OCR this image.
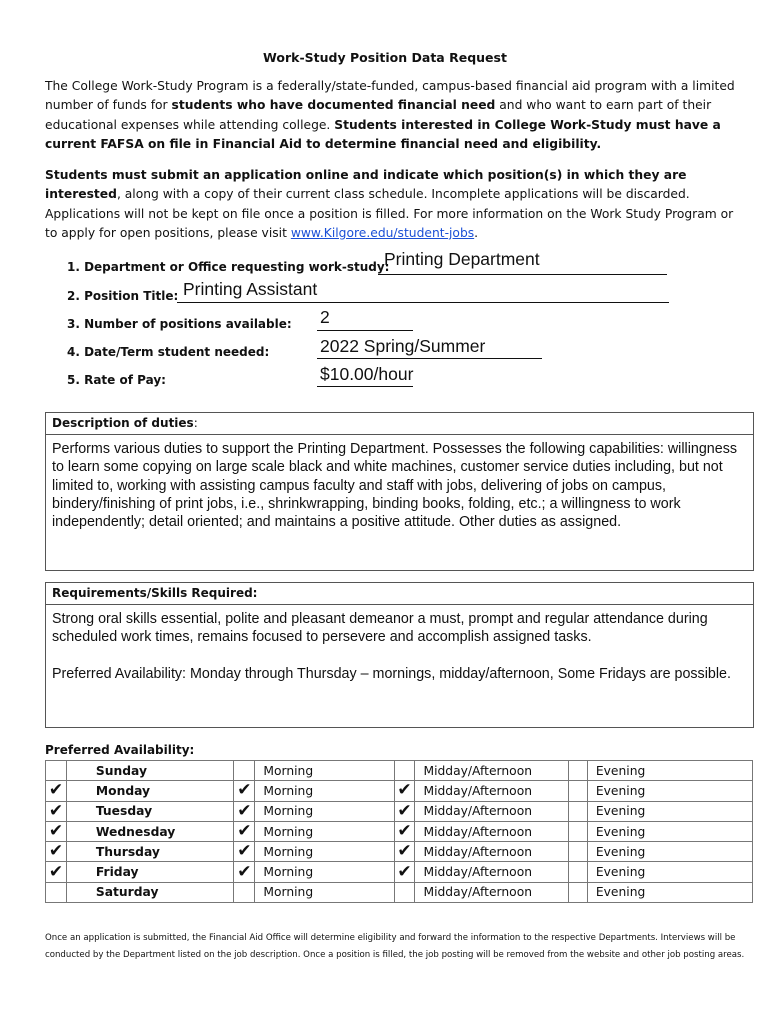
Work-Study Position Data Request
The College Work-Study Program is a federally/state-funded, campus-based financial aid program with a limited number of funds for students who have documented financial need and who want to earn part of their educational expenses while attending college. Students interested in College Work-Study must have a current FAFSA on file in Financial Aid to determine financial need and eligibility.
Students must submit an application online and indicate which position(s) in which they are interested, along with a copy of their current class schedule. Incomplete applications will be discarded. Applications will not be kept on file once a position is filled. For more information on the Work Study Program or to apply for open positions, please visit www.Kilgore.edu/student-jobs.
1. Department or Office requesting work-study:
Printing Department
2. Position Title: Printing Assistant
3. Number of positions available: 2
4. Date/Term student needed:	2022 Spring/Summer
5. Rate of Pay:	$10.00/hour
Description of duties:
Performs various duties to support the Printing Department. Possesses the following capabilities: willingness to learn some copying on large scale black and white machines, customer service duties including, but not limited to, working with assisting campus faculty and staff with jobs, delivering of jobs on campus, bindery/finishing of print jobs, i.e., shrinkwrapping, binding books, folding, etc.; a willingness to work independently; detail oriented; and maintains a positive attitude. Other duties as assigned.
Requirements/Skills Required:

Strong oral skills essential, polite and pleasant demeanor a must, prompt and regular attendance during scheduled work times, remains focused to persevere and accomplish assigned tasks.

Preferred Availability: Monday through Thursday – mornings, midday/afternoon, Some Fridays are possible.

Preferred Availability:
	Sunday		Morning		Midday/Afternoon		Evening
✔	Monday	✔	Morning	✔	Midday/Afternoon		Evening
✔	Tuesday	✔	Morning	✔	Midday/Afternoon		Evening
✔	Wednesday	✔	Morning	✔	Midday/Afternoon		Evening
✔	Thursday	✔	Morning	✔	Midday/Afternoon		Evening
✔	Friday	✔	Morning	✔	Midday/Afternoon		Evening
	Saturday		Morning		Midday/Afternoon		Evening
Once an application is submitted, the Financial Aid Office will determine eligibility and forward the information to the respective Departments. Interviews will be conducted by the Department listed on the job description. Once a position is filled, the job posting will be removed from the website and other job posting areas.
